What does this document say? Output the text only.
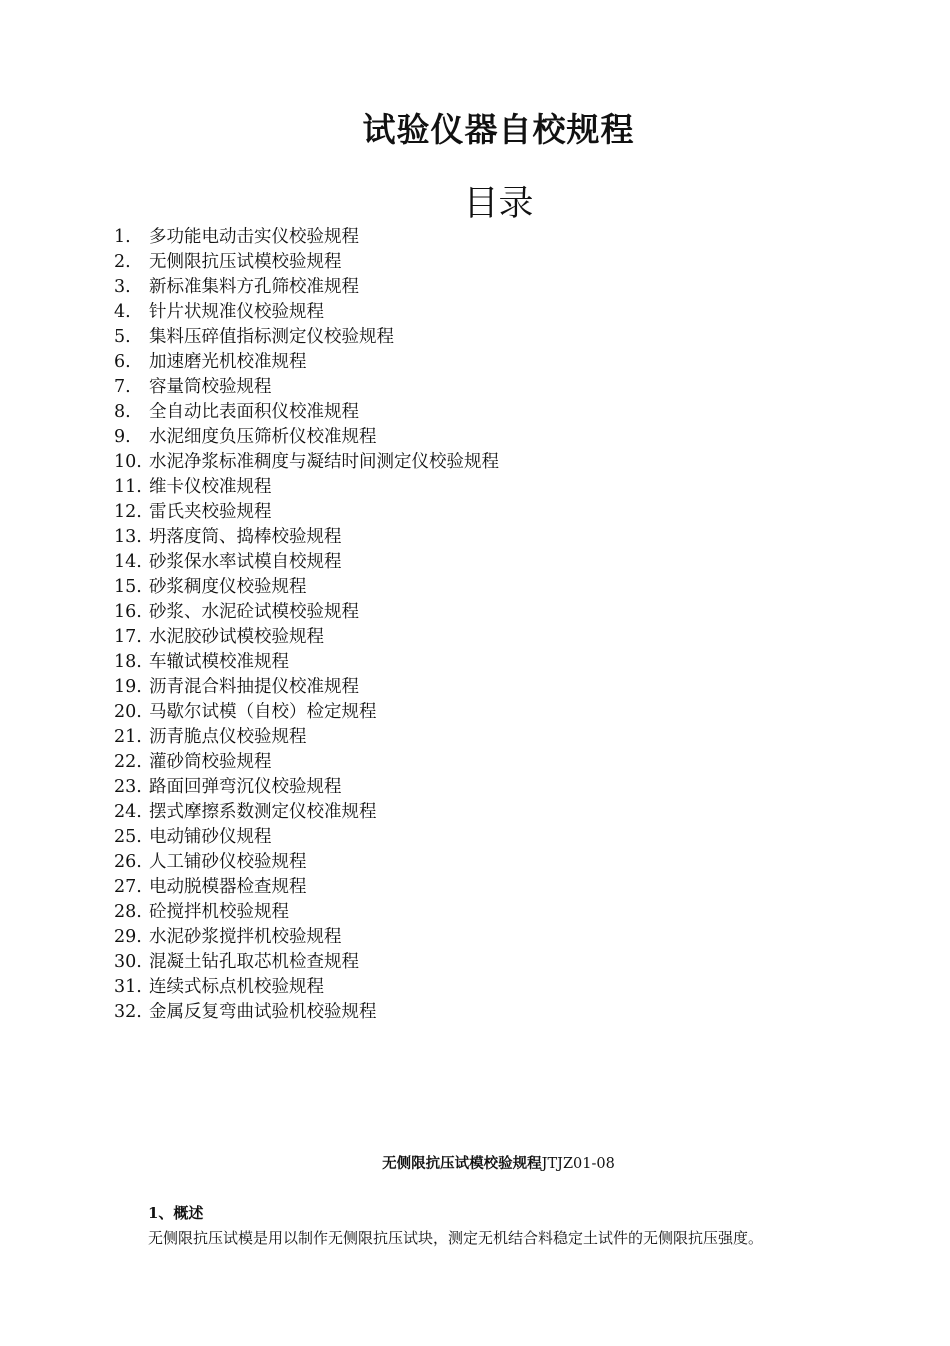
试验仪器自校规程
目录
1. 多功能电动击实仪校验规程
2. 无侧限抗压试模校验规程
3. 新标准集料方孔筛校准规程
4. 针片状规准仪校验规程
5. 集料压碎值指标测定仪校验规程
6. 加速磨光机校准规程
7. 容量筒校验规程
8. 全自动比表面积仪校准规程
9. 水泥细度负压筛析仪校准规程
10. 水泥净浆标准稠度与凝结时间测定仪校验规程
11. 维卡仪校准规程
12. 雷氏夹校验规程
13. 坍落度筒、捣棒校验规程
14. 砂浆保水率试模自校规程
15. 砂浆稠度仪校验规程
16. 砂浆、水泥砼试模校验规程
17. 水泥胶砂试模校验规程
18. 车辙试模校准规程
19. 沥青混合料抽提仪校准规程
20. 马歇尔试模（自校）检定规程
21. 沥青脆点仪校验规程
22. 灌砂筒校验规程
23. 路面回弹弯沉仪校验规程
24. 摆式摩擦系数测定仪校准规程
25. 电动铺砂仪规程
26. 人工铺砂仪校验规程
27. 电动脱模器检查规程
28. 砼搅拌机校验规程
29. 水泥砂浆搅拌机校验规程
30. 混凝土钻孔取芯机检查规程
31. 连续式标点机校验规程
32. 金属反复弯曲试验机校验规程
无侧限抗压试模校验规程JTJZ01-08
1、概述

无侧限抗压试模是用以制作无侧限抗压试块，测定无机结合料稳定土试件的无侧限抗压强度。
